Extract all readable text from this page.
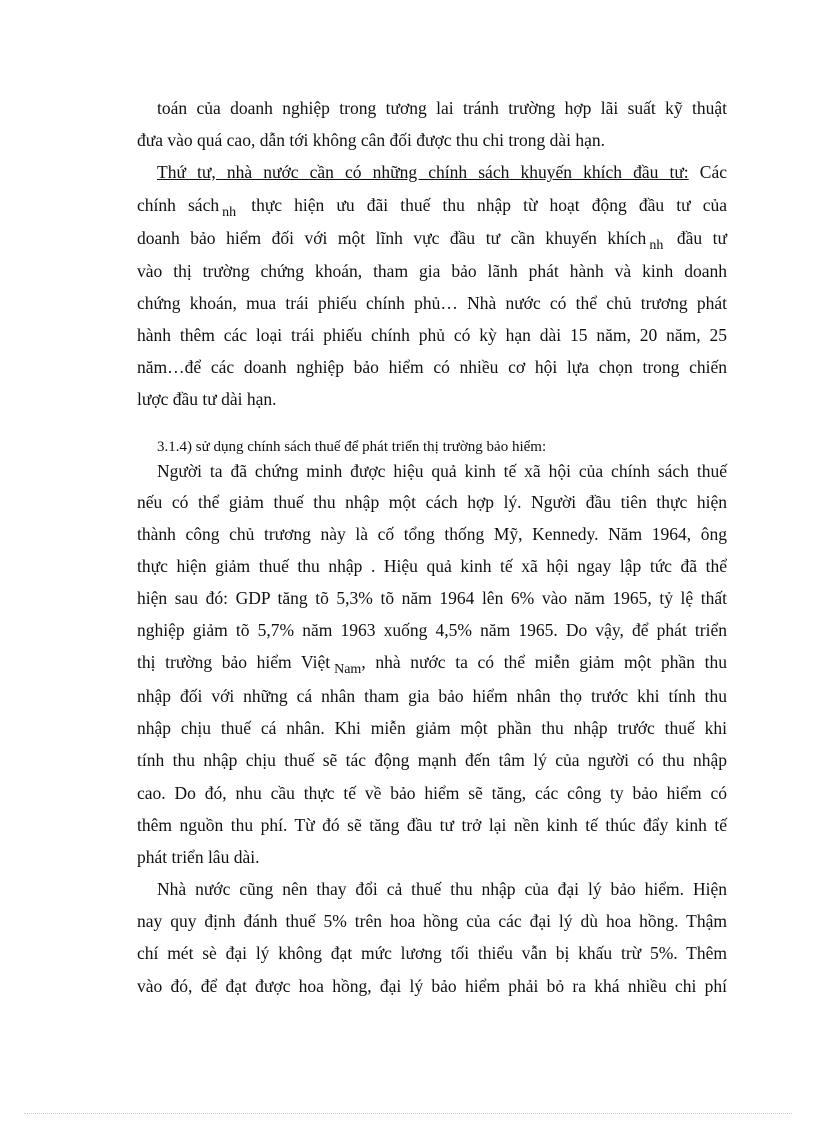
toán của doanh nghiệp trong tương lai tránh trường hợp lãi suất kỹ thuật
đưa vào quá cao, dẫn tới không cân đối được thu chi trong dài hạn.
Thứ tư, nhà nước cần có những chính sách khuyến khích đầu tư: Các
chính sách $_{nh}$ thực hiện ưu đãi thuế thu nhập từ hoạt động đầu tư của
doanh bảo hiểm đối với một lĩnh vực đầu tư cần khuyến khích $_{nh}$ đầu tư
vào thị trường chứng khoán, tham gia bảo lãnh phát hành và kinh doanh
chứng khoán, mua trái phiếu chính phủ… Nhà nước có thể chủ trương phát
hành thêm các loại trái phiếu chính phủ có kỳ hạn dài 15 năm, 20 năm, 25
năm…để các doanh nghiệp bảo hiểm có nhiều cơ hội lựa chọn trong chiến
lược đầu tư dài hạn.
3.1.4) sử dụng chính sách thuế để phát triển thị trường bảo hiểm:
Người ta đã chứng minh được hiệu quả kinh tế xã hội của chính sách thuế
nếu có thể giảm thuế thu nhập một cách hợp lý. Người đầu tiên thực hiện
thành công chủ trương này là cố tổng thống Mỹ, Kennedy. Năm 1964, ông
thực hiện giảm thuế thu nhập . Hiệu quả kinh tế xã hội ngay lập tức đã thể
hiện sau đó: GDP tăng tõ 5,3% tõ năm 1964 lên 6% vào năm 1965, tỷ lệ thất
nghiệp giảm tõ 5,7% năm 1963 xuống 4,5% năm 1965. Do vậy, để phát triển
thị trường bảo hiểm Việt $_{Nam}$, nhà nước ta có thể miễn giảm một phần thu
nhập đối với những cá nhân tham gia bảo hiểm nhân thọ trước khi tính thu
nhập chịu thuế cá nhân. Khi miễn giảm một phần thu nhập trước thuế khi
tính thu nhập chịu thuế sẽ tác động mạnh đến tâm lý của người có thu nhập
cao. Do đó, nhu cầu thực tế về bảo hiểm sẽ tăng, các công ty bảo hiểm có
thêm nguồn thu phí. Từ đó sẽ tăng đầu tư trở lại nền kinh tế thúc đẩy kinh tế
phát triển lâu dài.
Nhà nước cũng nên thay đổi cả thuế thu nhập của đại lý bảo hiểm. Hiện
nay quy định đánh thuế 5% trên hoa hồng của các đại lý dù hoa hồng. Thậm
chí mét sè đại lý không đạt mức lương tối thiểu vẫn bị khấu trừ 5%. Thêm
vào đó, để đạt được hoa hồng, đại lý bảo hiểm phải bỏ ra khá nhiều chi phí
